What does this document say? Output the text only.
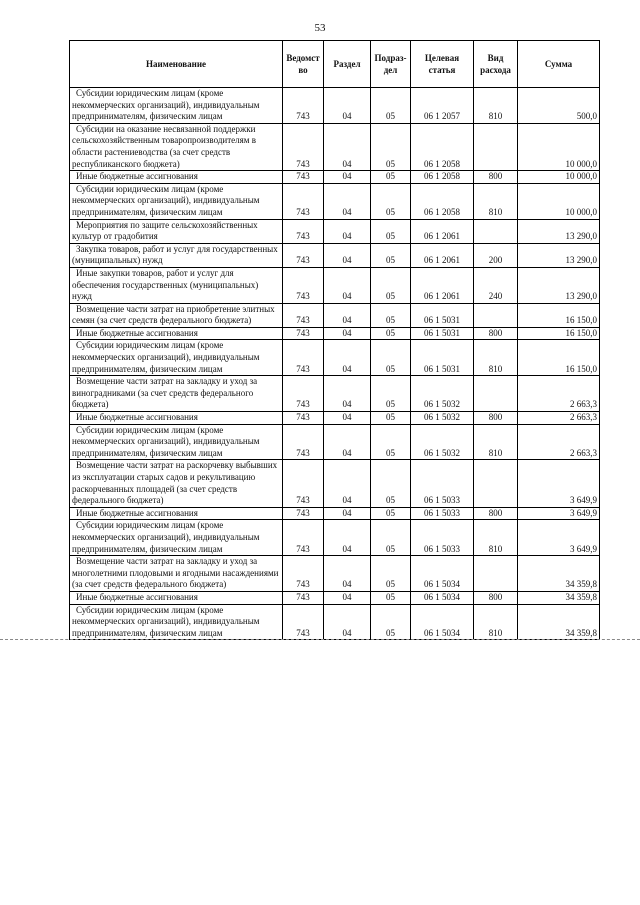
53
Наименование	Ведомст во	Раздел	Подраз- дел	Целевая статья	Вид расхода	Сумма
Субсидии юридическим лицам (кроме некоммерческих организаций), индивидуальным предпринимателям, физическим лицам	743	04	05	06 1 2057	810	500,0
Субсидии на оказание несвязанной поддержки сельскохозяйственным товаропроизводителям в области растениеводства (за счет средств республиканского бюджета)	743	04	05	06 1 2058		10 000,0
Иные бюджетные ассигнования	743	04	05	06 1 2058	800	10 000,0
Субсидии юридическим лицам (кроме некоммерческих организаций), индивидуальным предпринимателям, физическим лицам	743	04	05	06 1 2058	810	10 000,0
Мероприятия по защите сельскохозяйственных культур от градобития	743	04	05	06 1 2061		13 290,0
Закупка товаров, работ и услуг для государственных (муниципальных) нужд	743	04	05	06 1 2061	200	13 290,0
Иные закупки товаров, работ и услуг для обеспечения государственных (муниципальных) нужд	743	04	05	06 1 2061	240	13 290,0
Возмещение части затрат на приобретение элитных семян (за счет средств федерального бюджета)	743	04	05	06 1 5031		16 150,0
Иные бюджетные ассигнования	743	04	05	06 1 5031	800	16 150,0
Субсидии юридическим лицам (кроме некоммерческих организаций), индивидуальным предпринимателям, физическим лицам	743	04	05	06 1 5031	810	16 150,0
Возмещение части затрат на закладку и уход за виноградниками (за счет средств федерального бюджета)	743	04	05	06 1 5032		2 663,3
Иные бюджетные ассигнования	743	04	05	06 1 5032	800	2 663,3
Субсидии юридическим лицам (кроме некоммерческих организаций), индивидуальным предпринимателям, физическим лицам	743	04	05	06 1 5032	810	2 663,3
Возмещение части затрат на раскорчевку выбывших из эксплуатации старых садов и рекультивацию раскорчеванных площадей (за счет средств федерального бюджета)	743	04	05	06 1 5033		3 649,9
Иные бюджетные ассигнования	743	04	05	06 1 5033	800	3 649,9
Субсидии юридическим лицам (кроме некоммерческих организаций), индивидуальным предпринимателям, физическим лицам	743	04	05	06 1 5033	810	3 649,9
Возмещение части затрат на закладку и уход за многолетними плодовыми и ягодными насаждениями (за счет средств федерального бюджета)	743	04	05	06 1 5034		34 359,8
Иные бюджетные ассигнования	743	04	05	06 1 5034	800	34 359,8
Субсидии юридическим лицам (кроме некоммерческих организаций), индивидуальным предпринимателям, физическим лицам	743	04	05	06 1 5034	810	34 359,8
